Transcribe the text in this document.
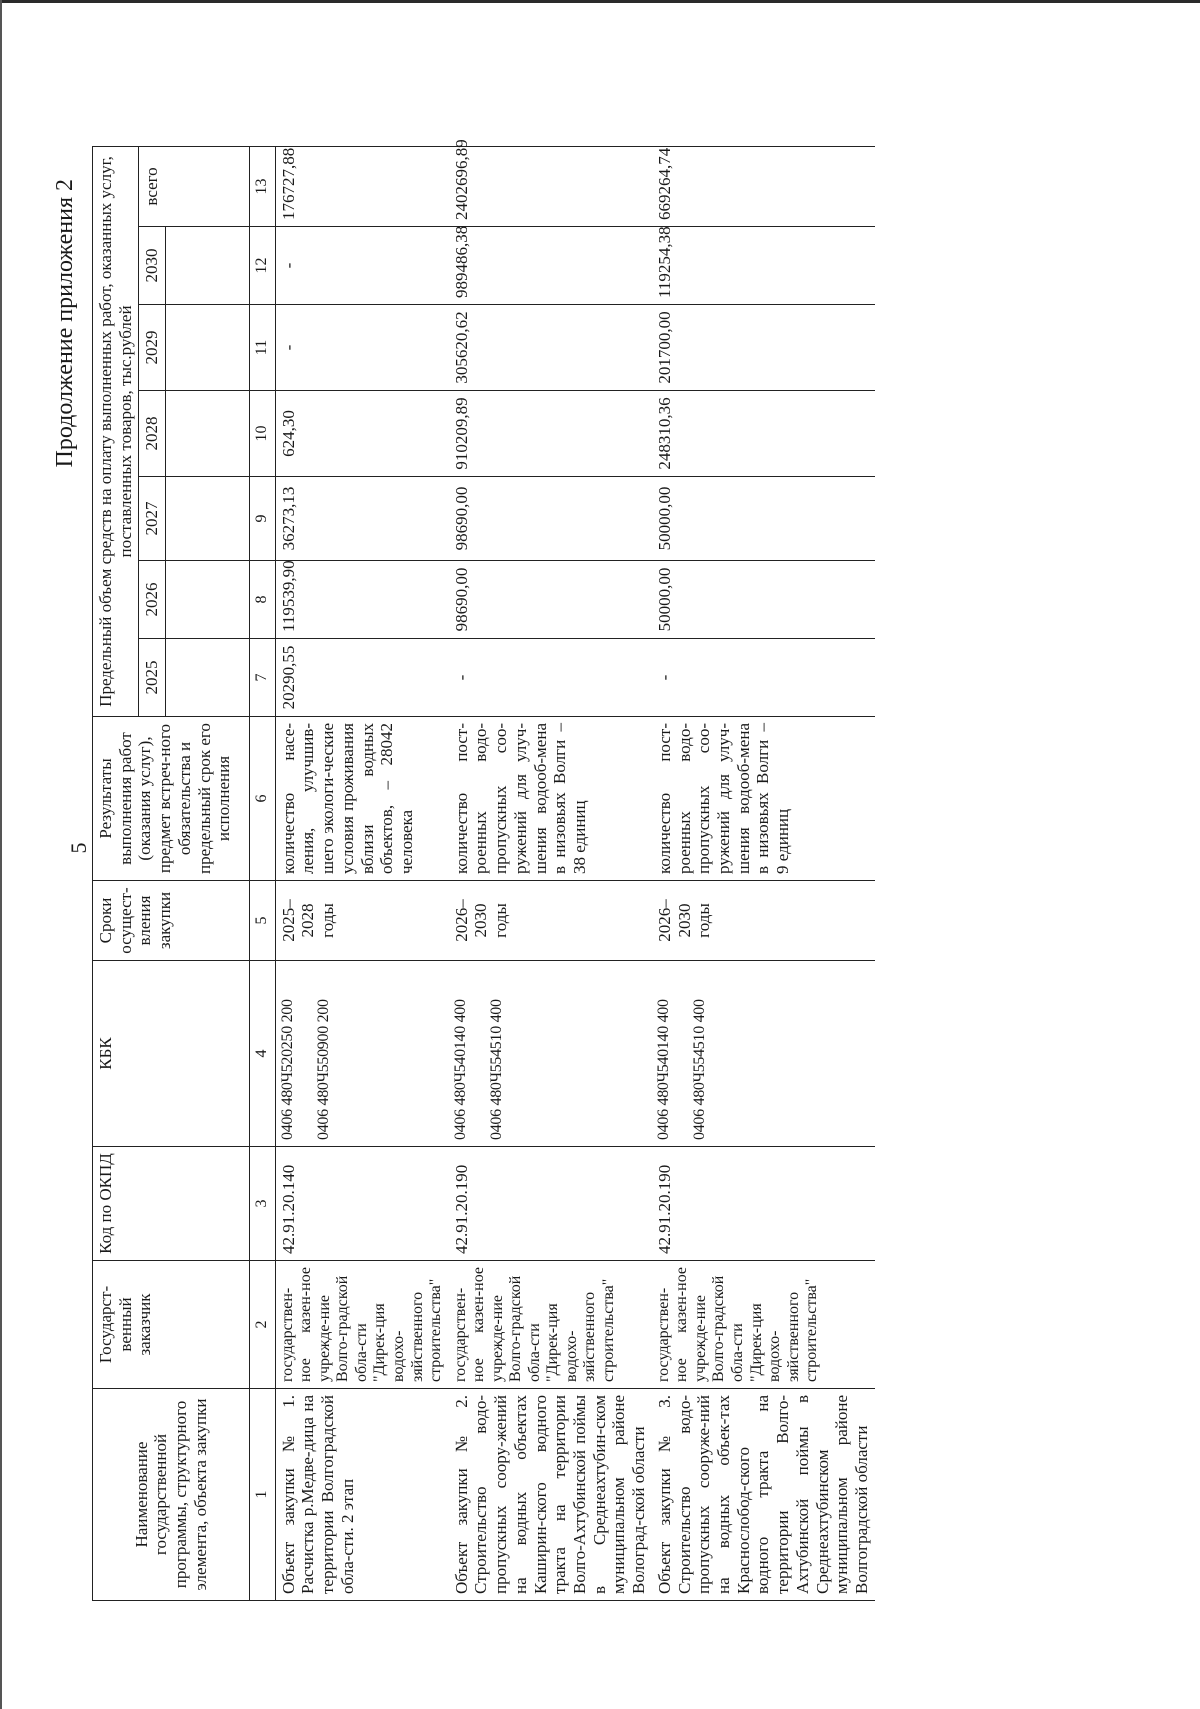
5
Продолжение приложения 2
Наименование государственной программы, структурного элемента, объекта закупки	Государст-венный заказчик	Код по ОКПД	КБК	Сроки осущест-вления закупки	Результаты выполнения работ (оказания услуг), предмет встреч-ного обязательства и предельный срок его исполнения	Предельный объем средств на оплату выполненных работ, оказанных услуг, поставленных товаров, тыс.рублей						
						2025	2026	2027	2028	2029	2030	всего

1	2	3	4	5	6	7	8	9	10	11	12	13
Объект закупки № 1. Расчистка р.Медве-дица на территории Волгоградской обла-сти. 2 этап	государствен-ное казен-ное учрежде-ние Волго-градской обла-сти "Дирек-ция водохо-зяйственного строительства"	42.91.20.140	0406 480Ч520250 200 0406 480Ч550900 200	2025–2028 годы	количество насе-ления, улучшив-шего экологи-ческие условия проживания вблизи водных объектов, – 28042 человека	20290,55	119539,90	36273,13	624,30	-	-	176727,88
Объект закупки № 2. Строительство водо-пропускных соору-жений на водных объектах Каширин-ского водного тракта на территории Волго-Ахтубинской поймы в Среднеахтубин-ском муниципальном районе Волоград-ской области	государствен-ное казен-ное учрежде-ние Волго-градской обла-сти "Дирек-ция водохо-зяйственного строительства"	42.91.20.190	0406 480Ч540140 400 0406 480Ч554510 400	2026–2030 годы	количество пост-роенных водо-пропускных соо-ружений для улуч-шения водооб-мена в низовьях Волги – 38 единиц	-	98690,00	98690,00	910209,89	305620,62	989486,38	2402696,89
Объект закупки № 3. Строительство водо-пропускных сооруже-ний на водных объек-тах Краснослобод-ского водного тракта на территории Волго-Ахтубинской поймы в Среднеахтубинском муниципальном районе Волгоградской области	государствен-ное казен-ное учрежде-ние Волго-градской обла-сти "Дирек-ция водохо-зяйственного строительства"	42.91.20.190	0406 480Ч540140 400 0406 480Ч554510 400	2026–2030 годы	количество пост-роенных водо-пропускных соо-ружений для улуч-шения водооб-мена в низовьях Волги – 9 единиц	-	50000,00	50000,00	248310,36	201700,00	119254,38	669264,74
